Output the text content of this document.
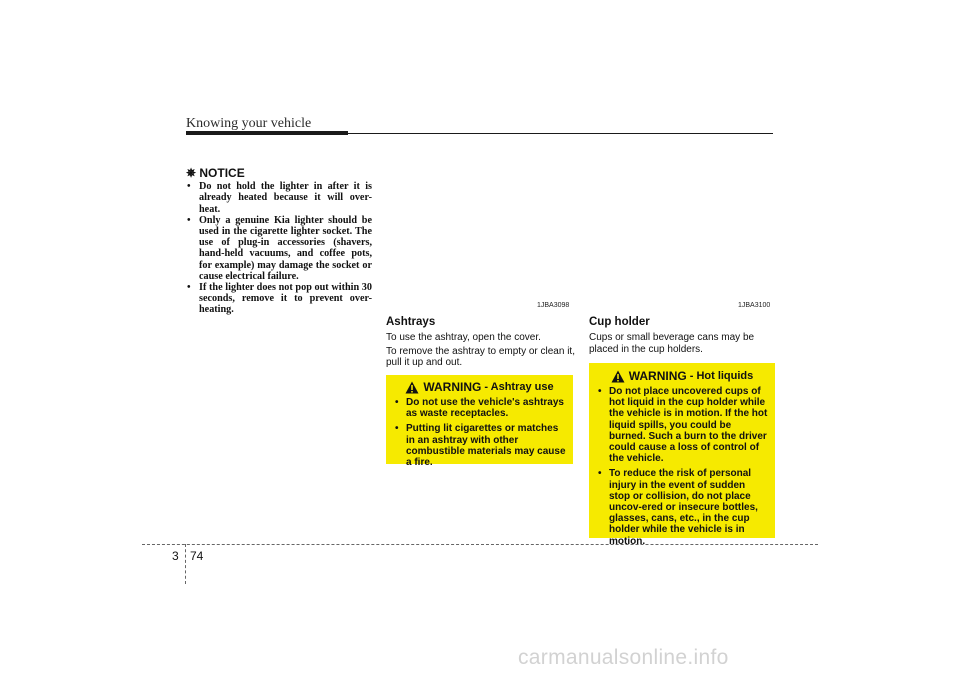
Knowing your vehicle
✵ NOTICE
• Do not hold the lighter in after it is already heated because it will over-heat.
• Only a genuine Kia lighter should be used in the cigarette lighter socket. The use of plug-in accessories (shavers, hand-held vacuums, and coffee pots, for example) may damage the socket or cause electrical failure.
• If the lighter does not pop out within 30 seconds, remove it to prevent over-heating.	1JBA3098
Ashtrays

To use the ashtray, open the cover.

To remove the ashtray to empty or clean it, pull it up and out.

WARNING - Ashtray use
• Do not use the vehicle's ashtrays as waste receptacles.
• Putting lit cigarettes or matches in an ashtray with other combustible materials may cause a fire.
1JBA3100
Cup holder

Cups or small beverage cans may be placed in the cup holders.

WARNING - Hot liquids
• Do not place uncovered cups of hot liquid in the cup holder while the vehicle is in motion. If the hot liquid spills, you could be burned. Such a burn to the driver could cause a loss of control of the vehicle.
• To reduce the risk of personal injury in the event of sudden stop or collision, do not place uncov-ered or insecure bottles, glasses, cans, etc., in the cup holder while the vehicle is in motion.
3 74
carmanualsonline.info
